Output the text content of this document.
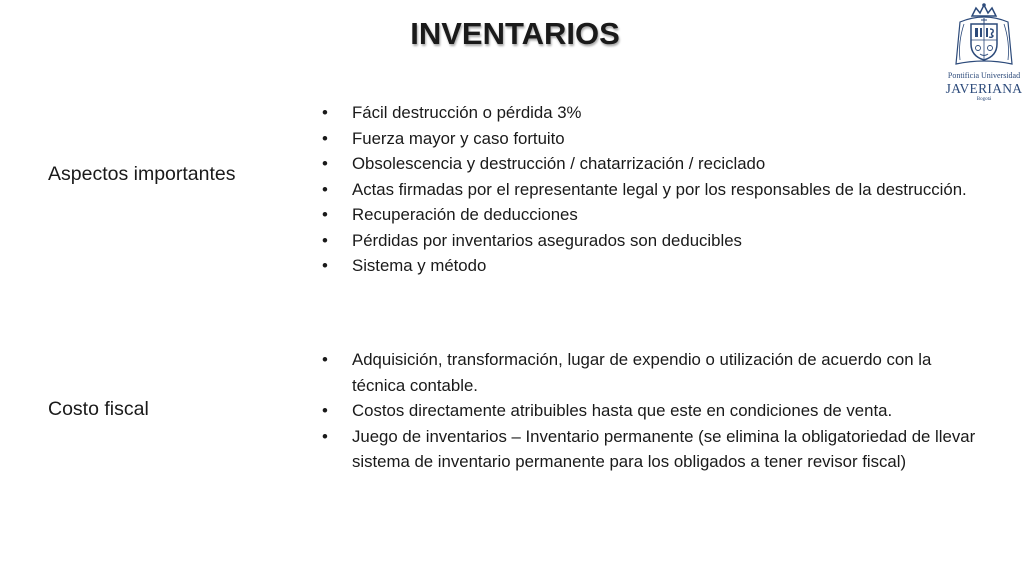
INVENTARIOS
Pontificia Universidad
JAVERIANA
Bogotá
Aspectos importantes
• Fácil destrucción o pérdida 3%
• Fuerza mayor y caso fortuito
• Obsolescencia y destrucción / chatarrización / reciclado
• Actas firmadas por el representante legal y por los responsables de la destrucción.
• Recuperación de deducciones
• Pérdidas por inventarios asegurados son deducibles
• Sistema y método
Costo fiscal
• Adquisición, transformación, lugar de expendio o utilización de acuerdo con la técnica contable.
• Costos directamente atribuibles hasta que este en condiciones de venta.
• Juego de inventarios – Inventario permanente (se elimina la obligatoriedad de llevar sistema de inventario permanente para los obligados a tener revisor fiscal)
